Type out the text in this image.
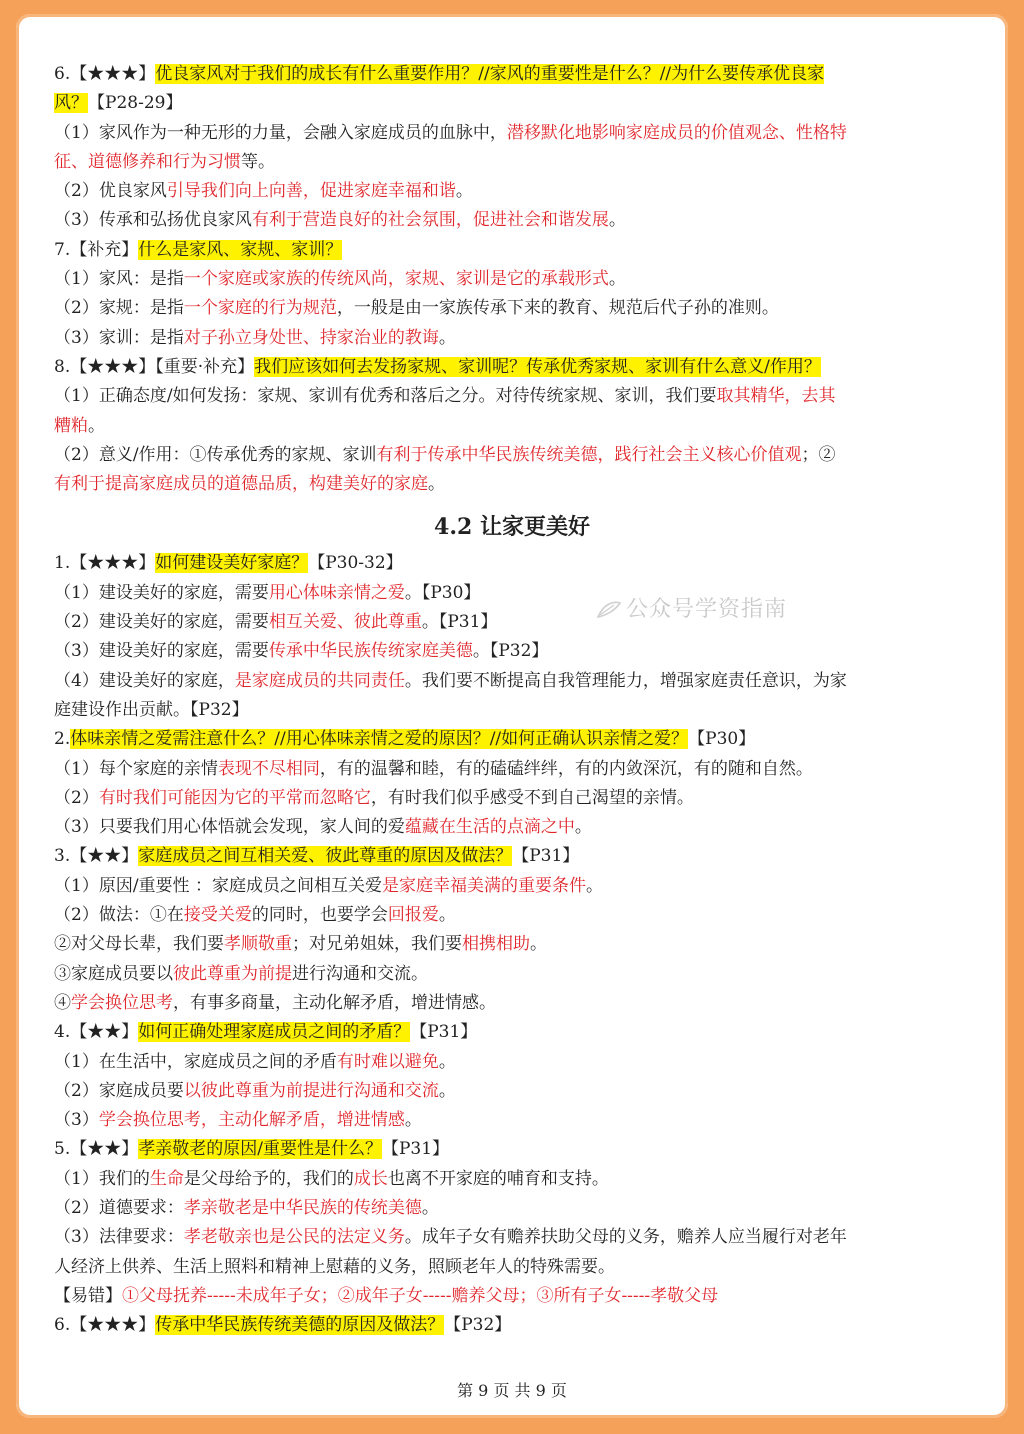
6.【★★★】优良家风对于我们的成长有什么重要作用？//家风的重要性是什么？//为什么要传承优良家
风？【P28-29】
（1）家风作为一种无形的力量，会融入家庭成员的血脉中，潜移默化地影响家庭成员的价值观念、性格特
征、道德修养和行为习惯等。
（2）优良家风引导我们向上向善，促进家庭幸福和谐。
（3）传承和弘扬优良家风有利于营造良好的社会氛围，促进社会和谐发展。
7.【补充】什么是家风、家规、家训？
（1）家风：是指一个家庭或家族的传统风尚，家规、家训是它的承载形式。
（2）家规：是指一个家庭的行为规范，一般是由一家族传承下来的教育、规范后代子孙的准则。
（3）家训：是指对子孙立身处世、持家治业的教诲。
8.【★★★】【重要·补充】我们应该如何去发扬家规、家训呢？传承优秀家规、家训有什么意义/作用？
（1）正确态度/如何发扬：家规、家训有优秀和落后之分。对待传统家规、家训，我们要取其精华，去其
糟粕。
（2）意义/作用：①传承优秀的家规、家训有利于传承中华民族传统美德，践行社会主义核心价值观；②
有利于提高家庭成员的道德品质，构建美好的家庭。
4.2 让家更美好
1.【★★★】如何建设美好家庭？【P30-32】
（1）建设美好的家庭，需要用心体味亲情之爱。【P30】
（2）建设美好的家庭，需要相互关爱、彼此尊重。【P31】
（3）建设美好的家庭，需要传承中华民族传统家庭美德。【P32】
（4）建设美好的家庭，是家庭成员的共同责任。我们要不断提高自我管理能力，增强家庭责任意识，为家
庭建设作出贡献。【P32】
2.体味亲情之爱需注意什么？//用心体味亲情之爱的原因？//如何正确认识亲情之爱？【P30】
（1）每个家庭的亲情表现不尽相同，有的温馨和睦，有的磕磕绊绊，有的内敛深沉，有的随和自然。
（2）有时我们可能因为它的平常而忽略它，有时我们似乎感受不到自己渴望的亲情。
（3）只要我们用心体悟就会发现，家人间的爱蕴藏在生活的点滴之中。
3.【★★】家庭成员之间互相关爱、彼此尊重的原因及做法？【P31】
（1）原因/重要性 ：家庭成员之间相互关爱是家庭幸福美满的重要条件。
（2）做法：①在接受关爱的同时，也要学会回报爱。
②对父母长辈，我们要孝顺敬重；对兄弟姐妹，我们要相携相助。
③家庭成员要以彼此尊重为前提进行沟通和交流。
④学会换位思考，有事多商量，主动化解矛盾，增进情感。
4.【★★】如何正确处理家庭成员之间的矛盾？【P31】
（1）在生活中，家庭成员之间的矛盾有时难以避免。
（2）家庭成员要以彼此尊重为前提进行沟通和交流。
（3）学会换位思考，主动化解矛盾，增进情感。
5.【★★】孝亲敬老的原因/重要性是什么？【P31】
（1）我们的生命是父母给予的，我们的成长也离不开家庭的哺育和支持。
（2）道德要求：孝亲敬老是中华民族的传统美德。
（3）法律要求：孝老敬亲也是公民的法定义务。成年子女有赡养扶助父母的义务，赡养人应当履行对老年
人经济上供养、生活上照料和精神上慰藉的义务，照顾老年人的特殊需要。
【易错】①父母抚养-----未成年子女；②成年子女-----赡养父母；③所有子女-----孝敬父母
6.【★★★】传承中华民族传统美德的原因及做法？【P32】
公众号学资指南
第 9 页 共 9 页
